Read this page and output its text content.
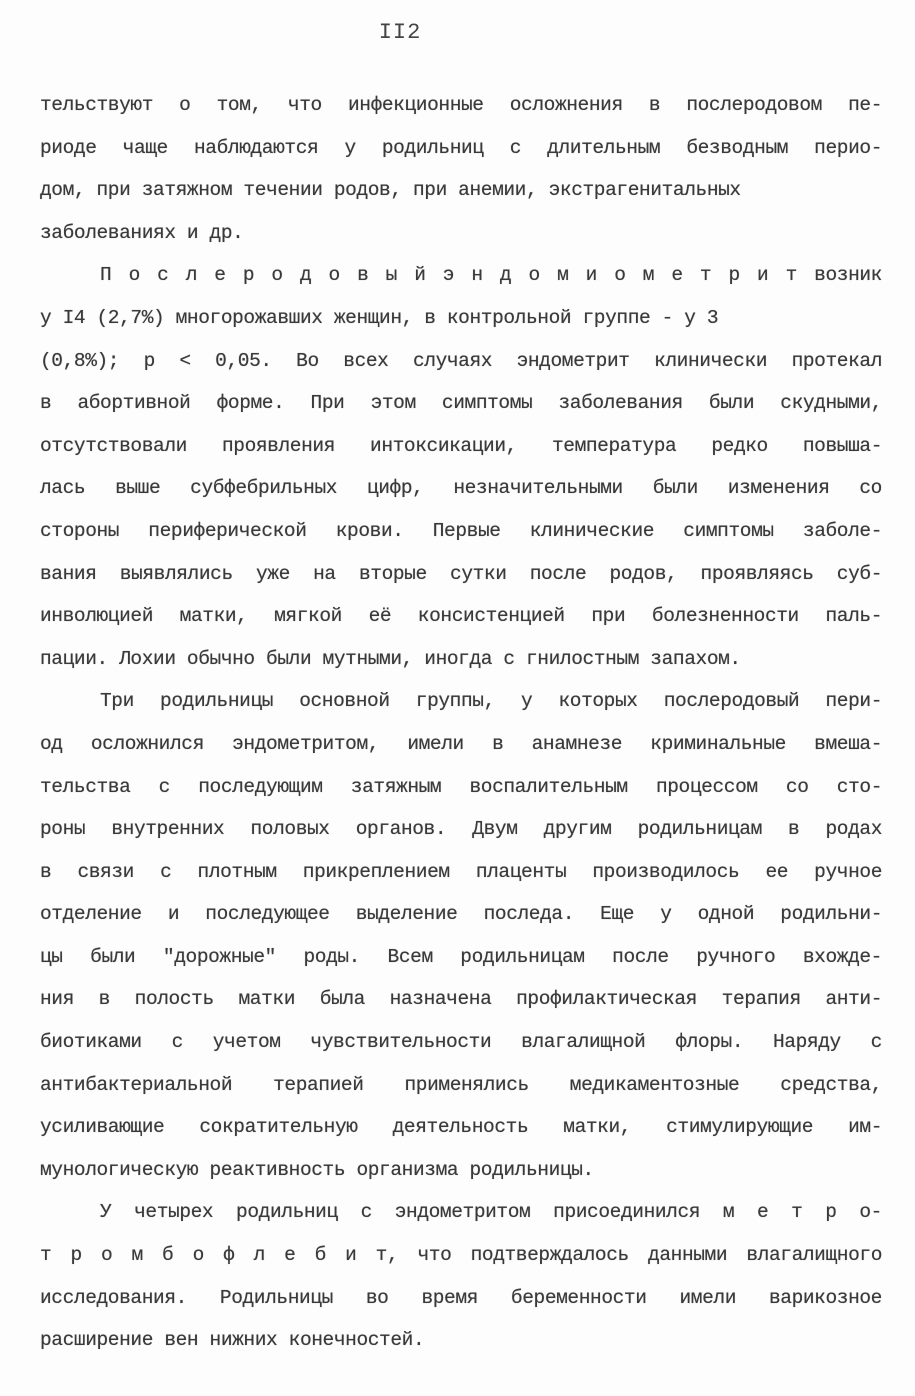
II2
тельствуют о том, что инфекционные осложнения в послеродовом пе-
риоде чаще наблюдаются у родильниц с длительным безводным перио-
дом, при затяжном течении родов, при анемии, экстрагенитальных
заболеваниях и др.
П о с л е р о д о в ы й э н д о м и о м е т р и т возник
у I4 (2,7%) многорожавших женщин, в контрольной группе - у 3
(0,8%); p < 0,05. Во всех случаях эндометрит клинически протекал
в абортивной форме. При этом симптомы заболевания были скудными,
отсутствовали проявления интоксикации, температура редко повыша-
лась выше субфебрильных цифр, незначительными были изменения со
стороны периферической крови. Первые клинические симптомы заболе-
вания выявлялись уже на вторые сутки после родов, проявляясь суб-
инволюцией матки, мягкой её консистенцией при болезненности паль-
пации. Лохии обычно были мутными, иногда с гнилостным запахом.
Три родильницы основной группы, у которых послеродовый пери-
од осложнился эндометритом, имели в анамнезе криминальные вмеша-
тельства с последующим затяжным воспалительным процессом со сто-
роны внутренних половых органов. Двум другим родильницам в родах
в связи с плотным прикреплением плаценты производилось ее ручное
отделение и последующее выделение последа. Еще у одной родильни-
цы были "дорожные" роды. Всем родильницам после ручного вхожде-
ния в полость матки была назначена профилактическая терапия анти-
биотиками с учетом чувствительности влагалищной флоры. Наряду с
антибактериальной терапией применялись медикаментозные средства,
усиливающие сократительную деятельность матки, стимулирующие им-
мунологическую реактивность организма родильницы.
У четырех родильниц с эндометритом присоединился м е т р о-
т р о м б о ф л е б и т, что подтверждалось данными влагалищного
исследования. Родильницы во время беременности имели варикозное
расширение вен нижних конечностей.
